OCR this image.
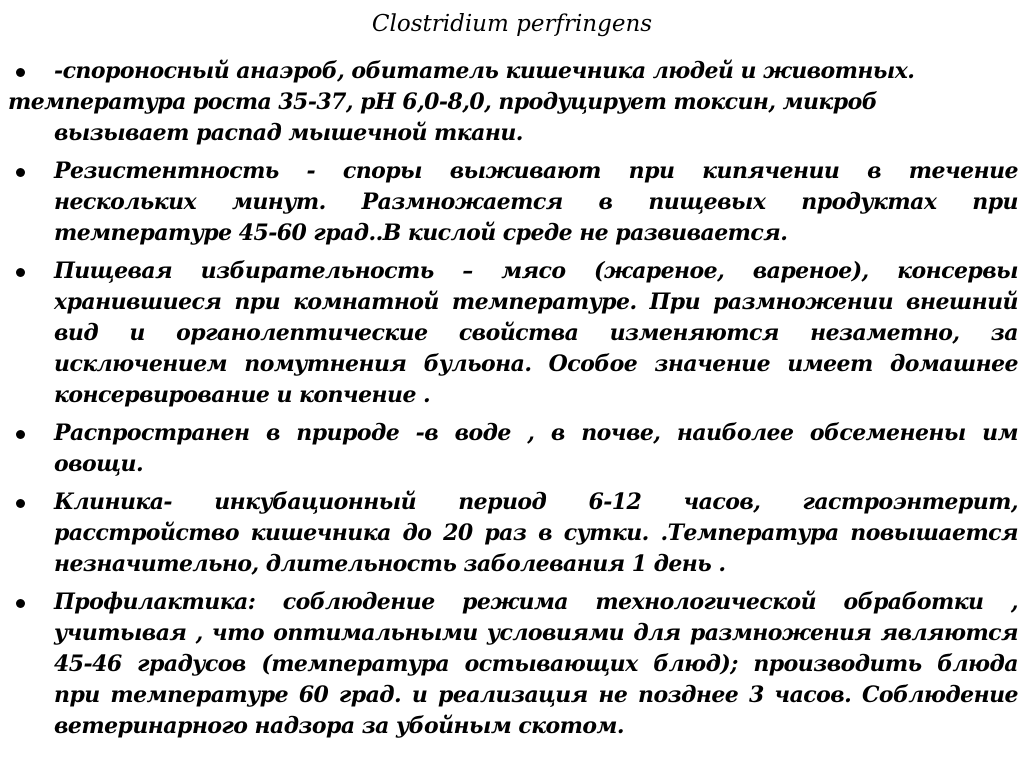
Clostridium perfringens
-спороносный анаэроб, обитатель кишечника людей и животных.
температура роста 35-37, pH 6,0-8,0, продуцирует токсин, микроб
вызывает распад мышечной ткани.
Резистентность - споры выживают при кипячении в течение нескольких минут. Размножается в пищевых продуктах при температуре 45-60 град..В кислой среде не развивается.
Пищевая избирательность – мясо (жареное, вареное), консервы хранившиеся при комнатной температуре. При размножении внешний вид и органолептические свойства изменяются незаметно, за исключением помутнения бульона. Особое значение имеет домашнее консервирование и копчение .
Распространен в природе -в воде , в почве, наиболее обсеменены им овощи.
Клиника- инкубационный период 6-12 часов, гастроэнтерит, расстройство кишечника до 20 раз в сутки. .Температура повышается незначительно, длительность заболевания 1 день .
Профилактика: соблюдение режима технологической обработки , учитывая , что оптимальными условиями для размножения являются 45-46 градусов (температура остывающих блюд); производить блюда при температуре 60 град. и реализация не позднее 3 часов. Соблюдение ветеринарного надзора за убойным скотом.
